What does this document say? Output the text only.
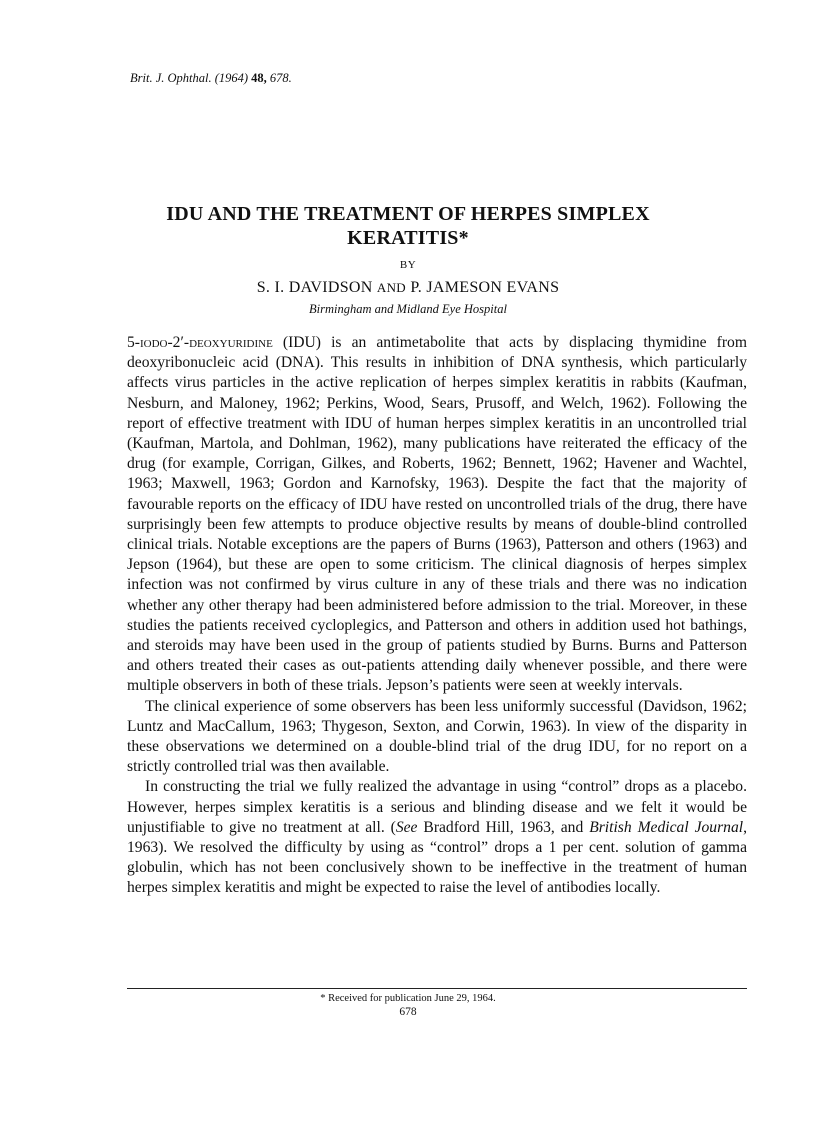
Brit. J. Ophthal. (1964) 48, 678.
IDU AND THE TREATMENT OF HERPES SIMPLEX KERATITIS*
BY
S. I. DAVIDSON AND P. JAMESON EVANS
Birmingham and Midland Eye Hospital

5-iodo-2′-deoxyuridine (IDU) is an antimetabolite that acts by displacing thymidine from deoxyribonucleic acid (DNA). This results in inhibition of DNA synthesis, which particularly affects virus particles in the active replication of herpes simplex keratitis in rabbits (Kaufman, Nesburn, and Maloney, 1962; Perkins, Wood, Sears, Prusoff, and Welch, 1962). Following the report of effective treatment with IDU of human herpes simplex keratitis in an uncontrolled trial (Kaufman, Martola, and Dohlman, 1962), many publications have reiterated the efficacy of the drug (for example, Corrigan, Gilkes, and Roberts, 1962; Bennett, 1962; Havener and Wachtel, 1963; Maxwell, 1963; Gordon and Karnofsky, 1963). Despite the fact that the majority of favourable reports on the efficacy of IDU have rested on uncontrolled trials of the drug, there have surprisingly been few attempts to produce objective results by means of double-blind controlled clinical trials. Notable exceptions are the papers of Burns (1963), Patterson and others (1963) and Jepson (1964), but these are open to some criticism. The clinical diagnosis of herpes simplex infection was not confirmed by virus culture in any of these trials and there was no indication whether any other therapy had been administered before admission to the trial. Moreover, in these studies the patients received cycloplegics, and Patterson and others in addition used hot bathings, and steroids may have been used in the group of patients studied by Burns. Burns and Patterson and others treated their cases as out-patients attending daily whenever possible, and there were multiple observers in both of these trials. Jepson’s patients were seen at weekly intervals.

The clinical experience of some observers has been less uniformly successful (Davidson, 1962; Luntz and MacCallum, 1963; Thygeson, Sexton, and Corwin, 1963). In view of the disparity in these observations we determined on a double-blind trial of the drug IDU, for no report on a strictly controlled trial was then available.

In constructing the trial we fully realized the advantage in using “control” drops as a placebo. However, herpes simplex keratitis is a serious and blinding disease and we felt it would be unjustifiable to give no treatment at all. (See Bradford Hill, 1963, and British Medical Journal, 1963). We resolved the difficulty by using as “control” drops a 1 per cent. solution of gamma globulin, which has not been conclusively shown to be ineffective in the treatment of human herpes simplex keratitis and might be expected to raise the level of antibodies locally.

* Received for publication June 29, 1964.
678
